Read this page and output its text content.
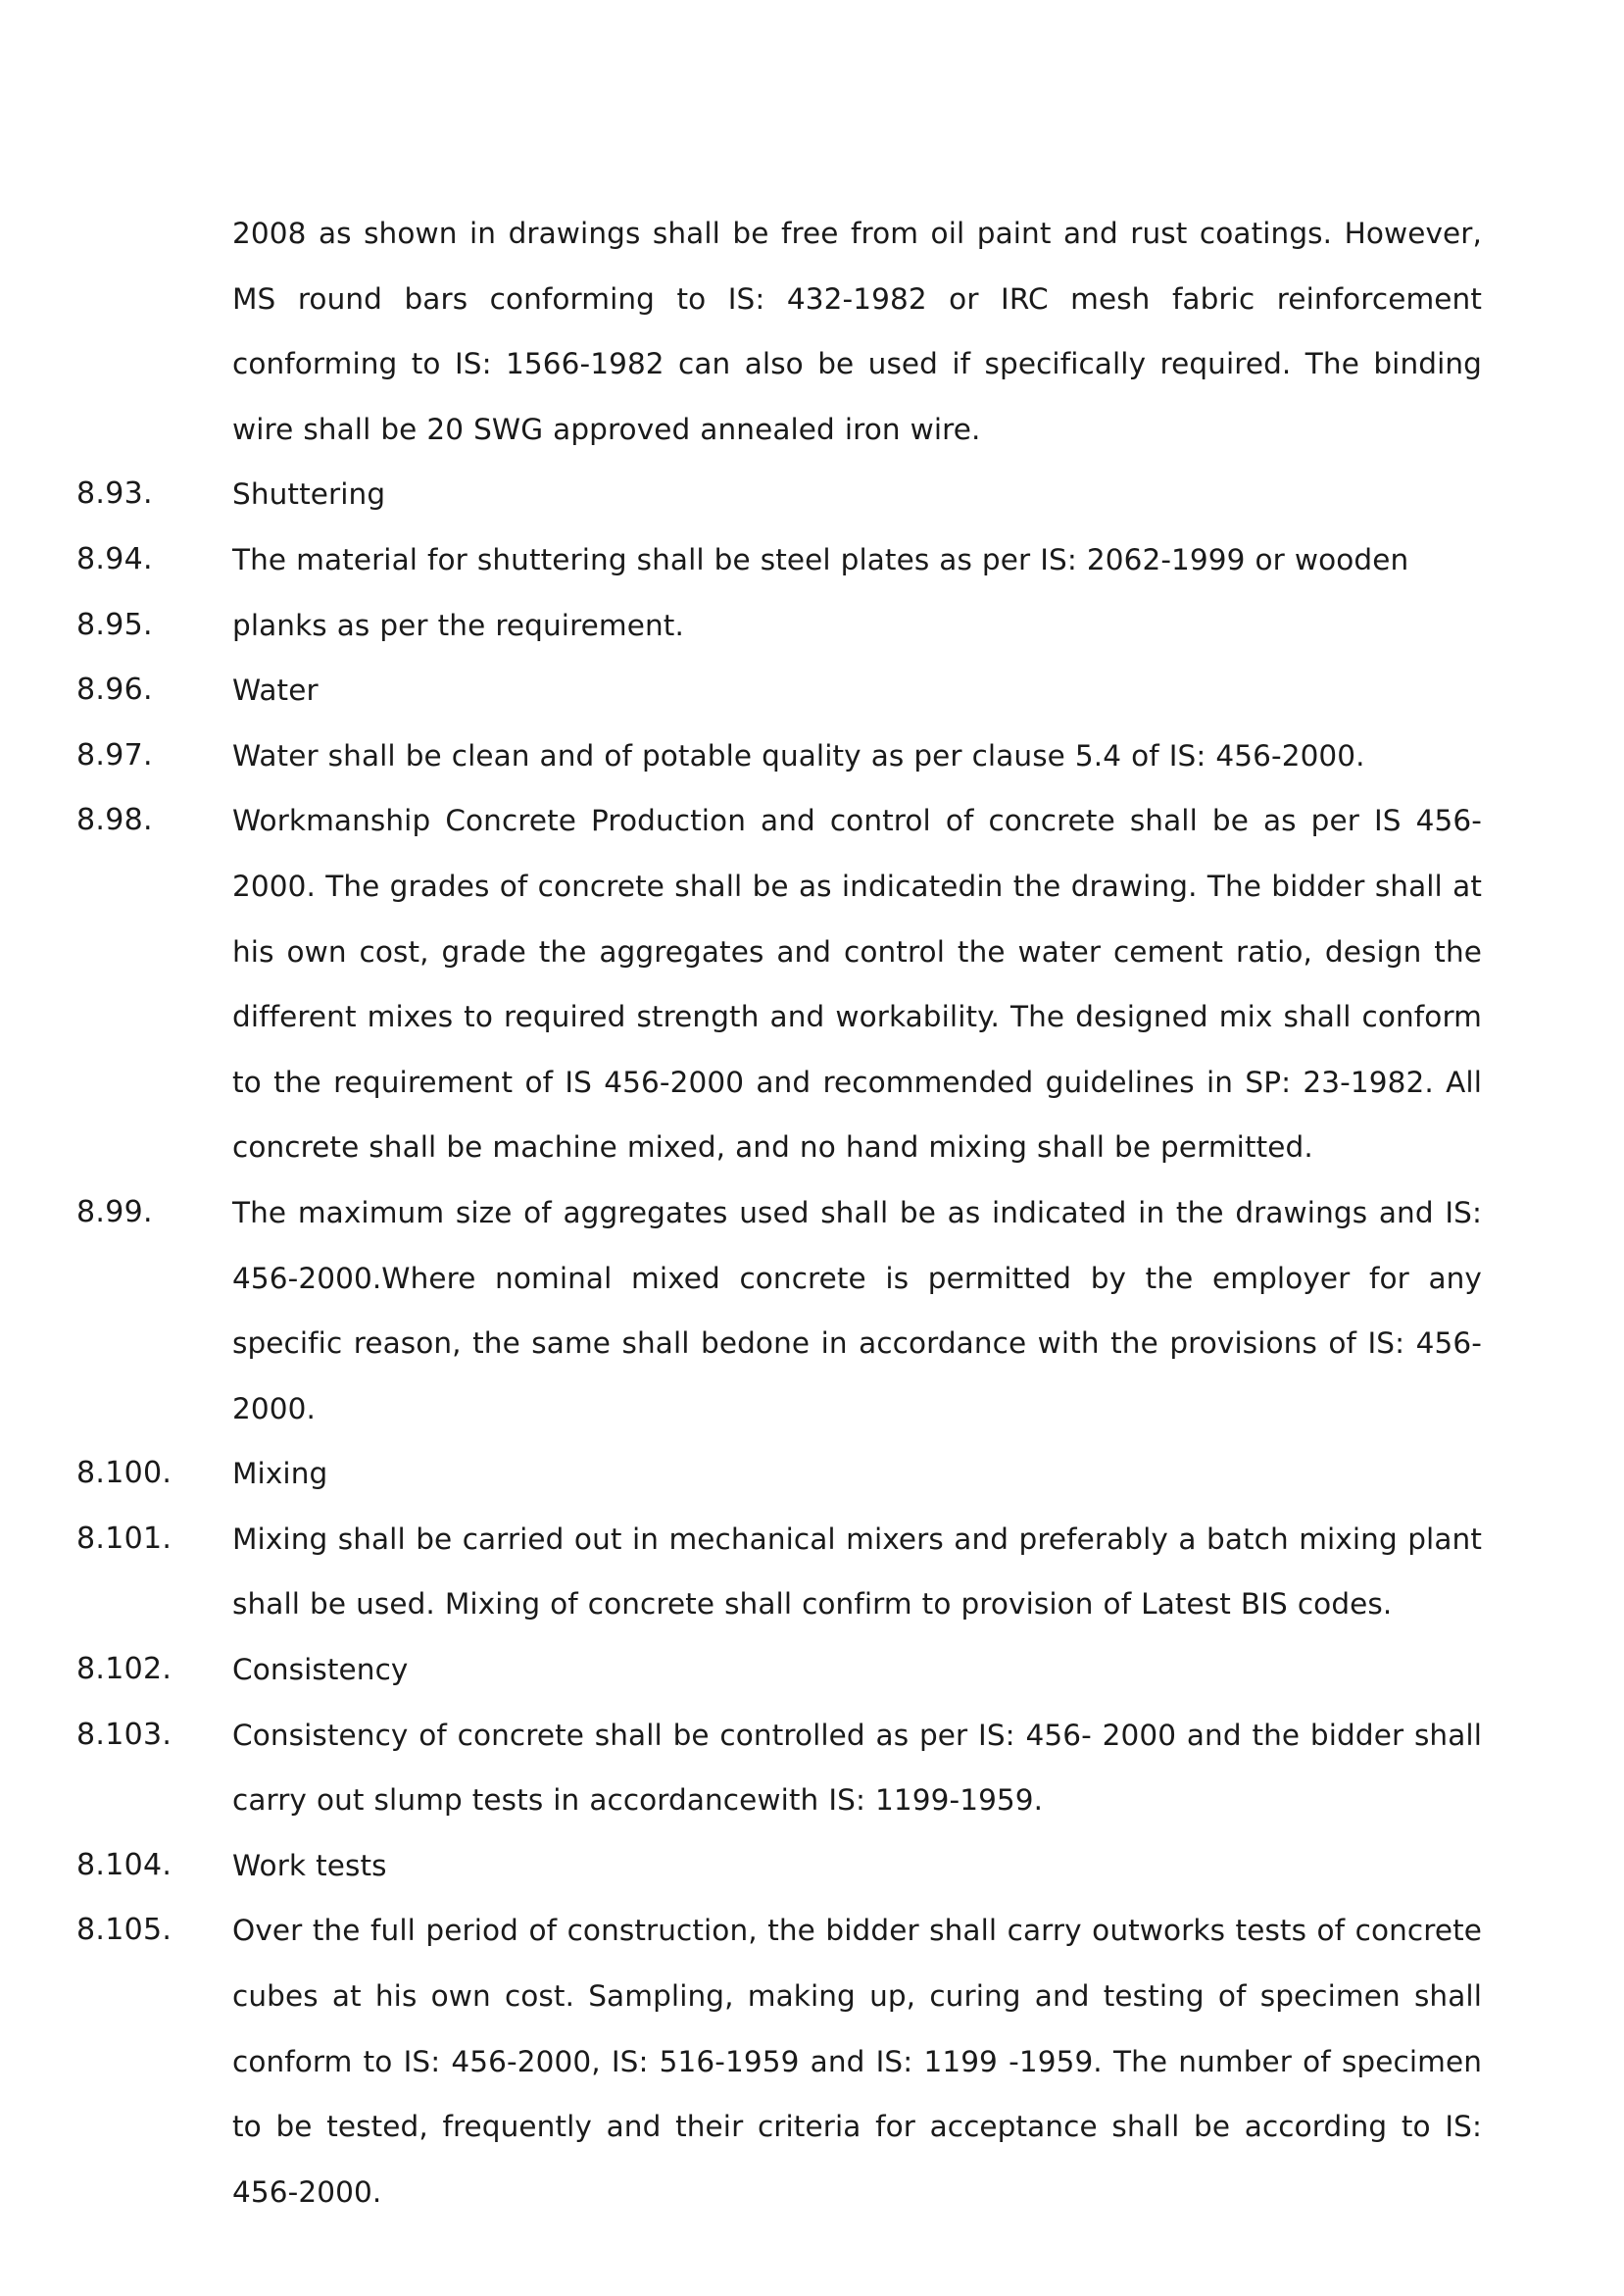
2008 as shown in drawings shall be free from oil paint and rust coatings. However, MS round bars conforming to IS: 432-1982 or IRC mesh fabric reinforcement conforming to IS: 1566-1982 can also be used if specifically required. The binding wire shall be 20 SWG approved annealed iron wire.
8.93.	Shuttering
8.94.	The material for shuttering shall be steel plates as per IS: 2062-1999 or wooden
8.95.	planks as per the requirement.
8.96.	Water
8.97.	Water shall be clean and of potable quality as per clause 5.4 of IS: 456-2000.
8.98.	Workmanship Concrete Production and control of concrete shall be as per IS 456-2000. The grades of concrete shall be as indicatedin the drawing. The bidder shall at his own cost, grade the aggregates and control the water cement ratio, design the different mixes to required strength and workability. The designed mix shall conform to the requirement of IS 456-2000 and recommended guidelines in SP: 23-1982. All concrete shall be machine mixed, and no hand mixing shall be permitted.
8.99.	The maximum size of aggregates used shall be as indicated in the drawings and IS: 456-2000.Where nominal mixed concrete is permitted by the employer for any specific reason, the same shall bedone in accordance with the provisions of IS: 456-2000.
8.100.	Mixing
8.101.	Mixing shall be carried out in mechanical mixers and preferably a batch mixing plant shall be used. Mixing of concrete shall confirm to provision of Latest BIS codes.
8.102.	Consistency
8.103.	Consistency of concrete shall be controlled as per IS: 456- 2000 and the bidder shall carry out slump tests in accordancewith IS: 1199-1959.
8.104.	Work tests
8.105.	Over the full period of construction, the bidder shall carry outworks tests of concrete cubes at his own cost. Sampling, making up, curing and testing of specimen shall conform to IS: 456-2000, IS: 516-1959 and IS: 1199 -1959. The number of specimen to be tested, frequently and their criteria for acceptance shall be according to IS: 456-2000.
